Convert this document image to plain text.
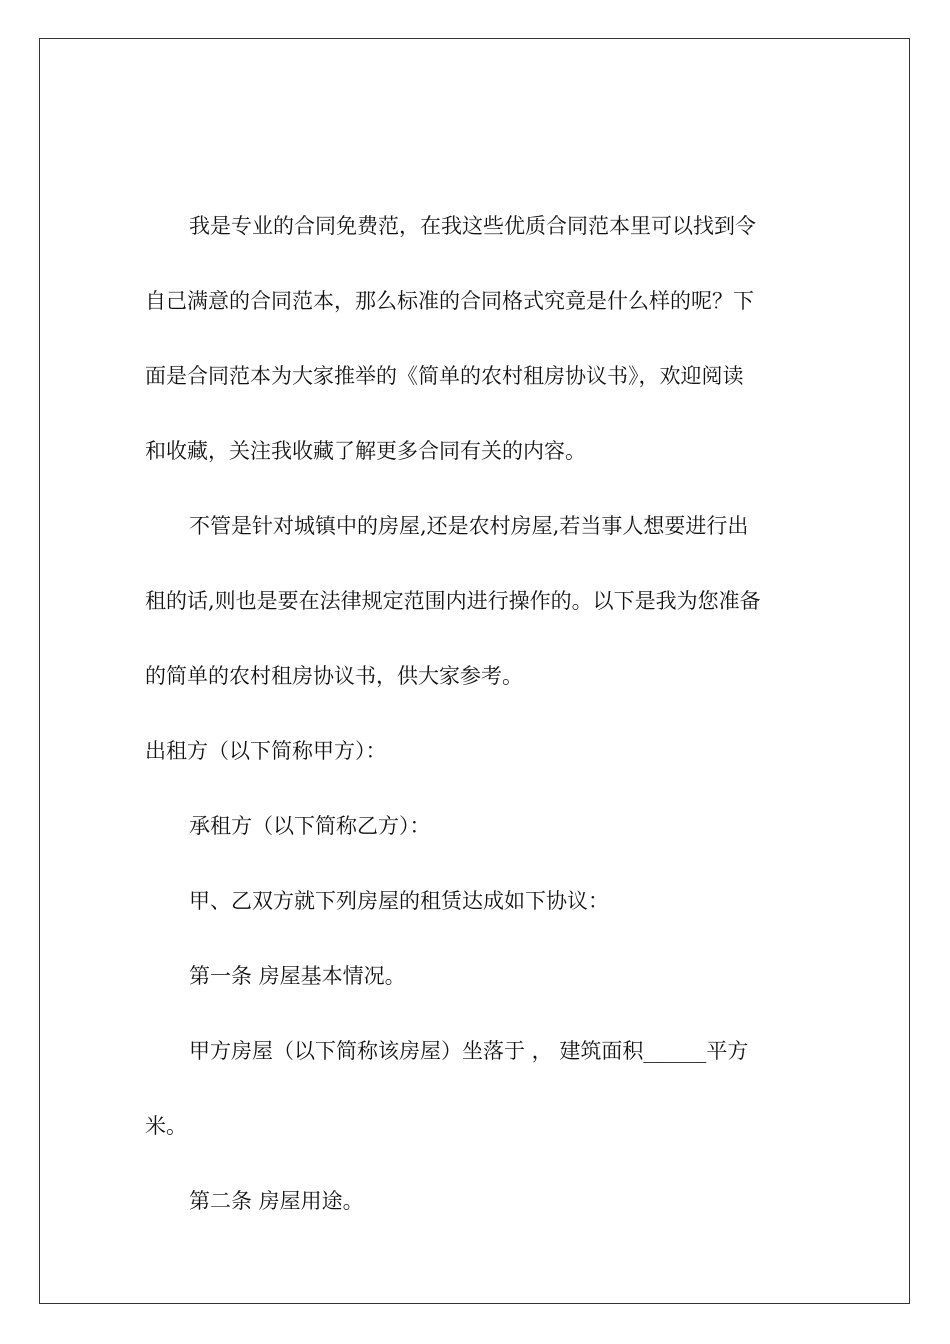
我是专业的合同免费范，在我这些优质合同范本里可以找到令

自己满意的合同范本，那么标准的合同格式究竟是什么样的呢？下

面是合同范本为大家推举的《简单的农村租房协议书》，欢迎阅读

和收藏，关注我收藏了解更多合同有关的内容。

不管是针对城镇中的房屋,还是农村房屋,若当事人想要进行出

租的话,则也是要在法律规定范围内进行操作的。以下是我为您准备

的简单的农村租房协议书，供大家参考。

出租方（以下简称甲方）：

承租方（以下简称乙方）：

甲、乙双方就下列房屋的租赁达成如下协议：

第一条 房屋基本情况。

甲方房屋（以下简称该房屋）坐落于 ， 建筑面积______平方

米。

第二条 房屋用途。
